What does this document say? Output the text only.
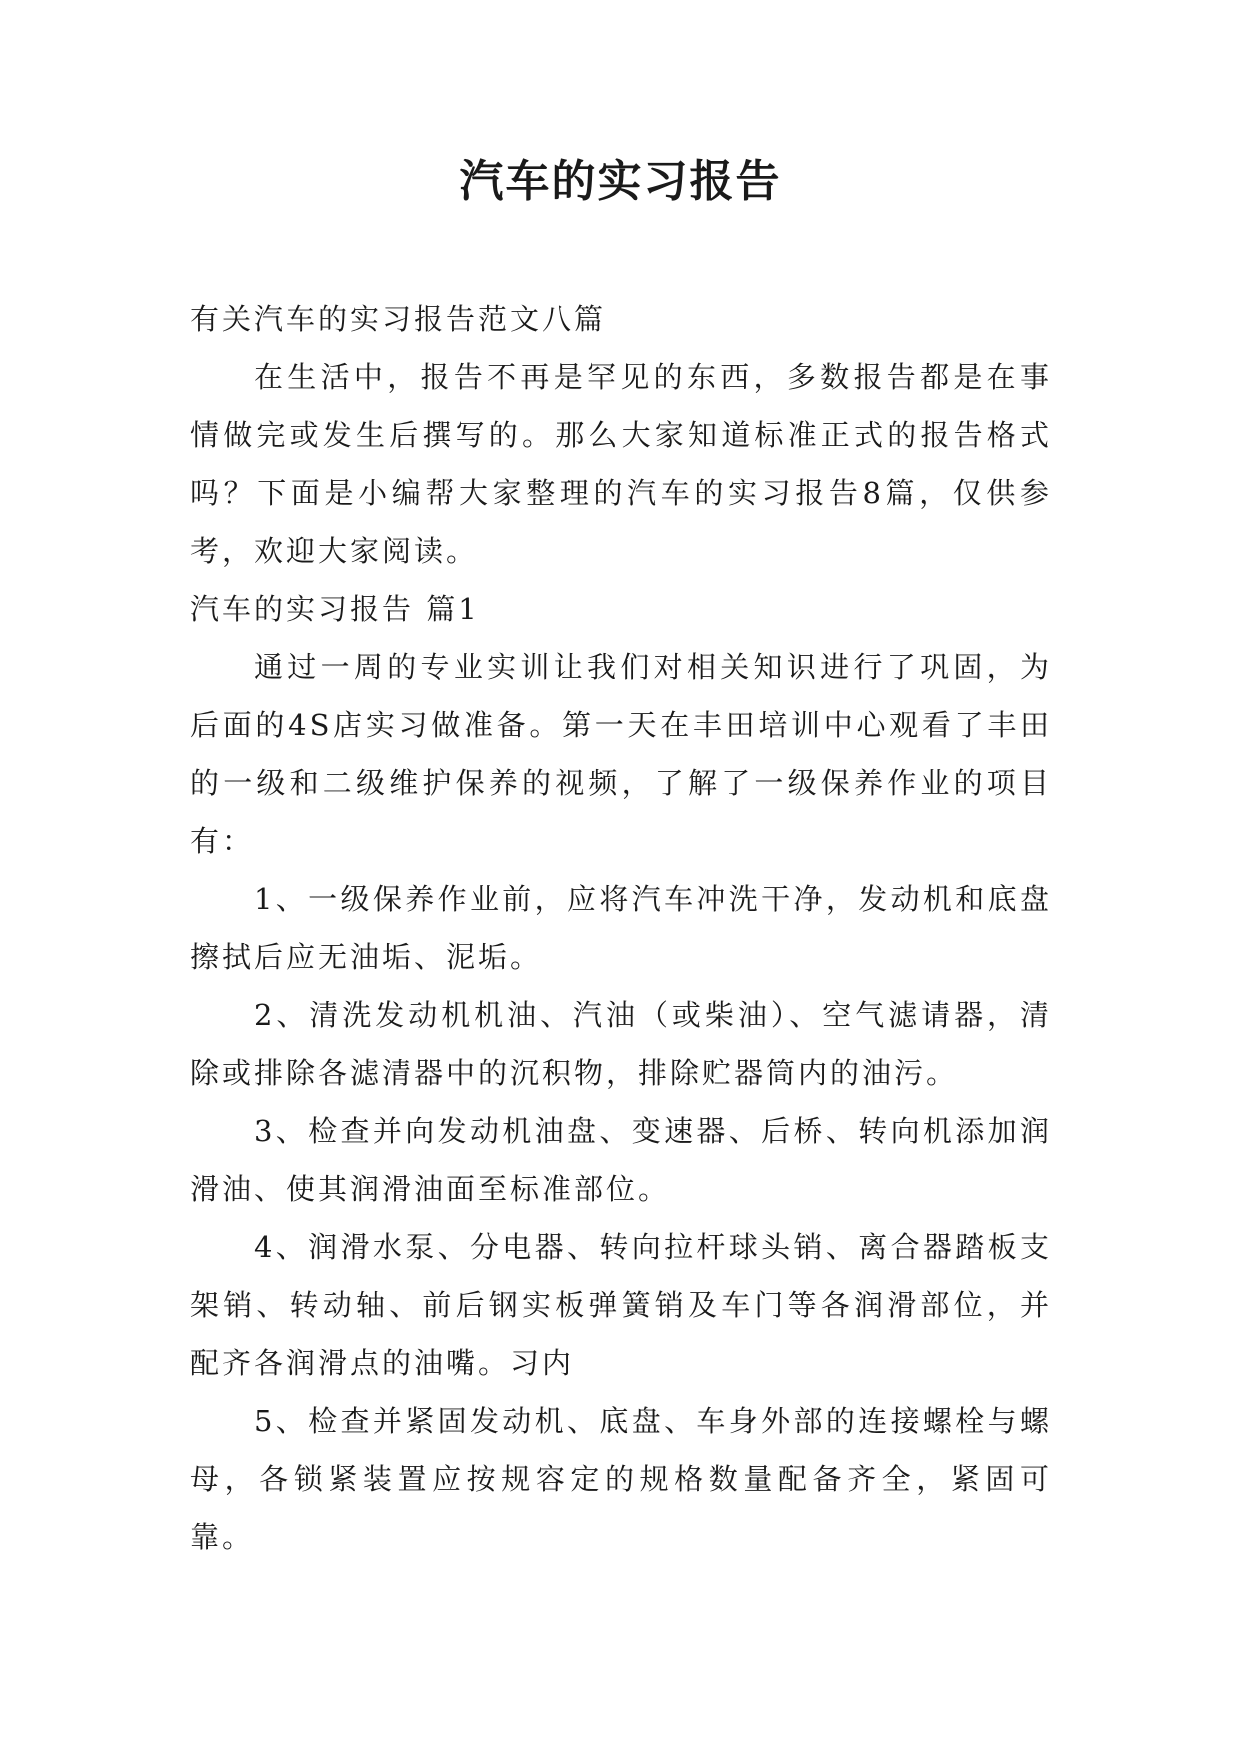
汽车的实习报告

有关汽车的实习报告范文八篇

在生活中，报告不再是罕见的东西，多数报告都是在事情做完或发生后撰写的。那么大家知道标准正式的报告格式吗？下面是小编帮大家整理的汽车的实习报告8篇，仅供参考，欢迎大家阅读。

汽车的实习报告 篇1

通过一周的专业实训让我们对相关知识进行了巩固，为后面的4S店实习做准备。第一天在丰田培训中心观看了丰田的一级和二级维护保养的视频，了解了一级保养作业的项目有：

1、一级保养作业前，应将汽车冲洗干净，发动机和底盘擦拭后应无油垢、泥垢。

2、清洗发动机机油、汽油（或柴油）、空气滤请器，清除或排除各滤清器中的沉积物，排除贮器筒内的油污。

3、检查并向发动机油盘、变速器、后桥、转向机添加润滑油、使其润滑油面至标准部位。

4、润滑水泵、分电器、转向拉杆球头销、离合器踏板支架销、转动轴、前后钢实板弹簧销及车门等各润滑部位，并配齐各润滑点的油嘴。习内

5、检查并紧固发动机、底盘、车身外部的连接螺栓与螺母，各锁紧装置应按规容定的规格数量配备齐全，紧固可靠。
